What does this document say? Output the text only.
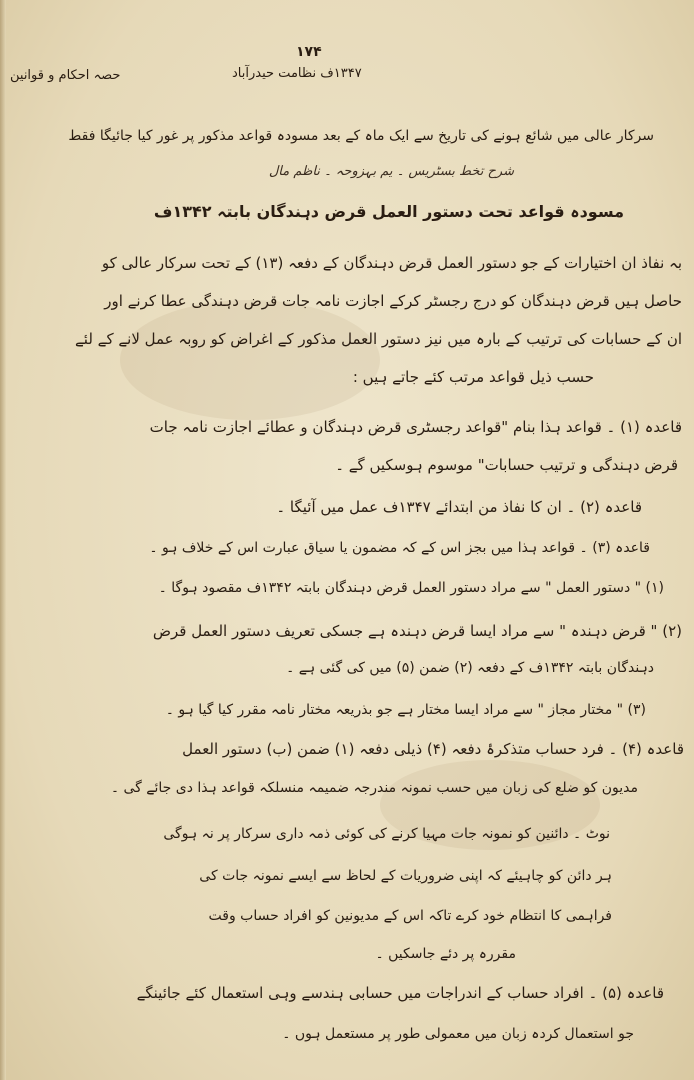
۱۷۴
۱۳۴۷ف نظامت حیدرآباد
حصہ احکام و قوانین
سرکار عالی میں شائع ہونے کی تاریخ سے ایک ماہ کے بعد مسودہ قواعد مذکور پر غور کیا جائیگا فقط
شرح تخط بسٹریس ۔ یم بہزوحہ ۔ ناظم مال
مسودہ قواعد تحت دستور العمل قرض دہندگان بابتہ ۱۳۴۲ف
بہ نفاذ ان اختیارات کے جو دستور العمل قرض دہندگان کے دفعہ (۱۳) کے تحت سرکار عالی کو
حاصل ہیں قرض دہندگان کو درج رجسٹر کرکے اجازت نامہ جات قرض دہندگی عطا کرنے اور
ان کے حسابات کی ترتیب کے بارہ میں نیز دستور العمل مذکور کے اغراض کو روبہ عمل لانے کے لئے
حسب ذیل قواعد مرتب کئے جاتے ہیں :
قاعدہ (۱) ۔ قواعد ہذا بنام "قواعد رجسٹری قرض دہندگان و عطائے اجازت نامہ جات
قرض دہندگی و ترتیب حسابات" موسوم ہوسکیں گے ۔
قاعدہ (۲) ۔ ان کا نفاذ من ابتدائے ۱۳۴۷ف عمل میں آئیگا ۔
قاعدہ (۳) ۔ قواعد ہذا میں بجز اس کے کہ مضمون یا سیاق عبارت اس کے خلاف ہو ۔
(۱) " دستور العمل " سے مراد دستور العمل قرض دہندگان بابتہ ۱۳۴۲ف مقصود ہوگا ۔
(۲) " قرض دہندہ " سے مراد ایسا قرض دہندہ ہے جسکی تعریف دستور العمل قرض
دہندگان بابتہ ۱۳۴۲ف کے دفعہ (۲) ضمن (۵) میں کی گئی ہے ۔
(۳) " مختار مجاز " سے مراد ایسا مختار ہے جو بذریعہ مختار نامہ مقرر کیا گیا ہو ۔
قاعدہ (۴) ۔ فرد حساب متذکرۂ دفعہ (۴) ذیلی دفعہ (۱) ضمن (ب) دستور العمل
مدیون کو ضلع کی زبان میں حسب نمونہ مندرجہ ضمیمہ منسلکہ قواعد ہذا دی جائے گی ۔
نوٹ ۔ دائنین کو نمونہ جات مہیا کرنے کی کوئی ذمہ داری سرکار پر نہ ہوگی
ہر دائن کو چاہیئے کہ اپنی ضروریات کے لحاظ سے ایسے نمونہ جات کی
فراہمی کا انتظام خود کرے تاکہ اس کے مدیونین کو افراد حساب وقت
مقررہ پر دئے جاسکیں ۔
قاعدہ (۵) ۔ افراد حساب کے اندراجات میں حسابی ہندسے وہی استعمال کئے جائینگے
جو استعمال کردہ زبان میں معمولی طور پر مستعمل ہوں ۔
